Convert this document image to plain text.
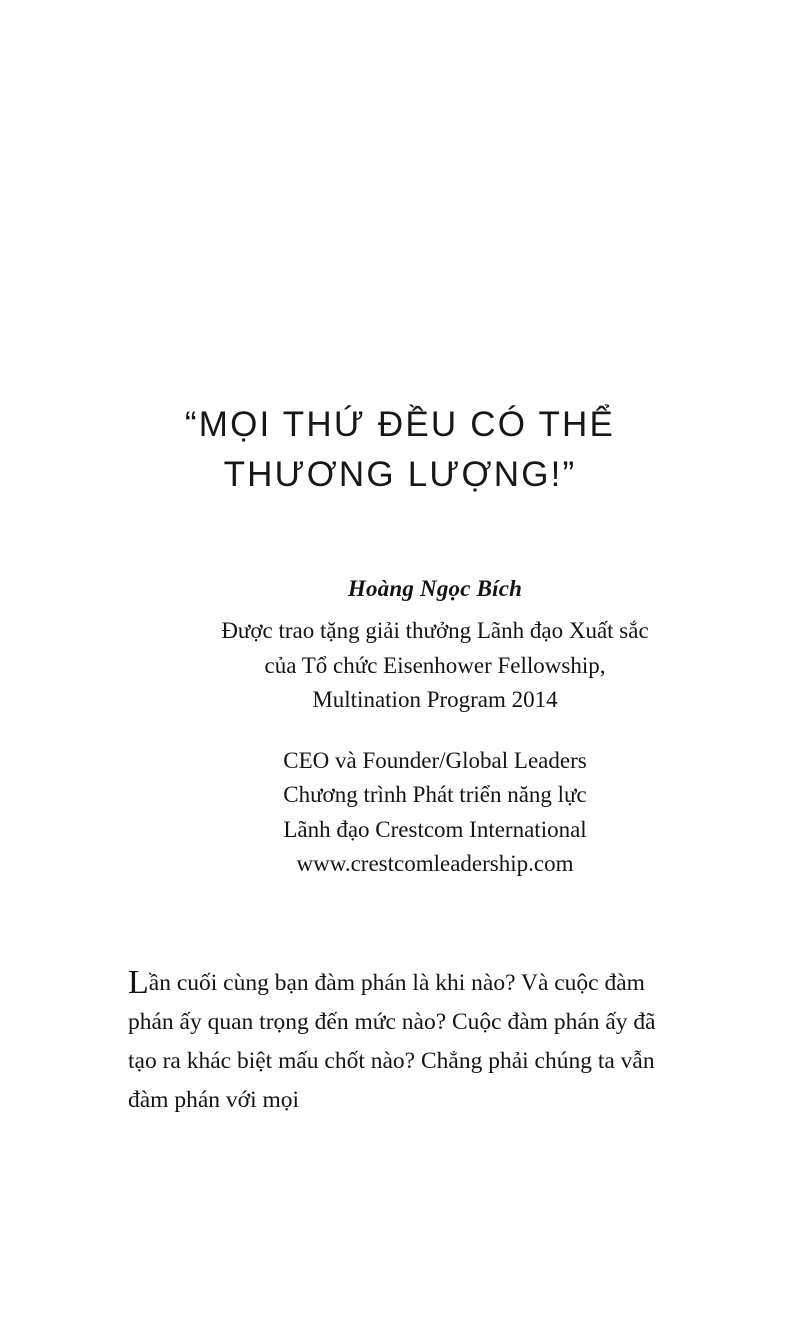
“MỌI THỨ ĐỀU CÓ THỂ
THƯƠNG LƯỢNG!”
Hoàng Ngọc Bích
Được trao tặng giải thưởng Lãnh đạo Xuất sắc
của Tổ chức Eisenhower Fellowship,
Multination Program 2014
CEO và Founder/Global Leaders
Chương trình Phát triển năng lực
Lãnh đạo Crestcom International
www.crestcomleadership.com
Lần cuối cùng bạn đàm phán là khi nào? Và cuộc đàm phán ấy quan trọng đến mức nào? Cuộc đàm phán ấy đã tạo ra khác biệt mấu chốt nào? Chẳng phải chúng ta vẫn đàm phán với mọi
